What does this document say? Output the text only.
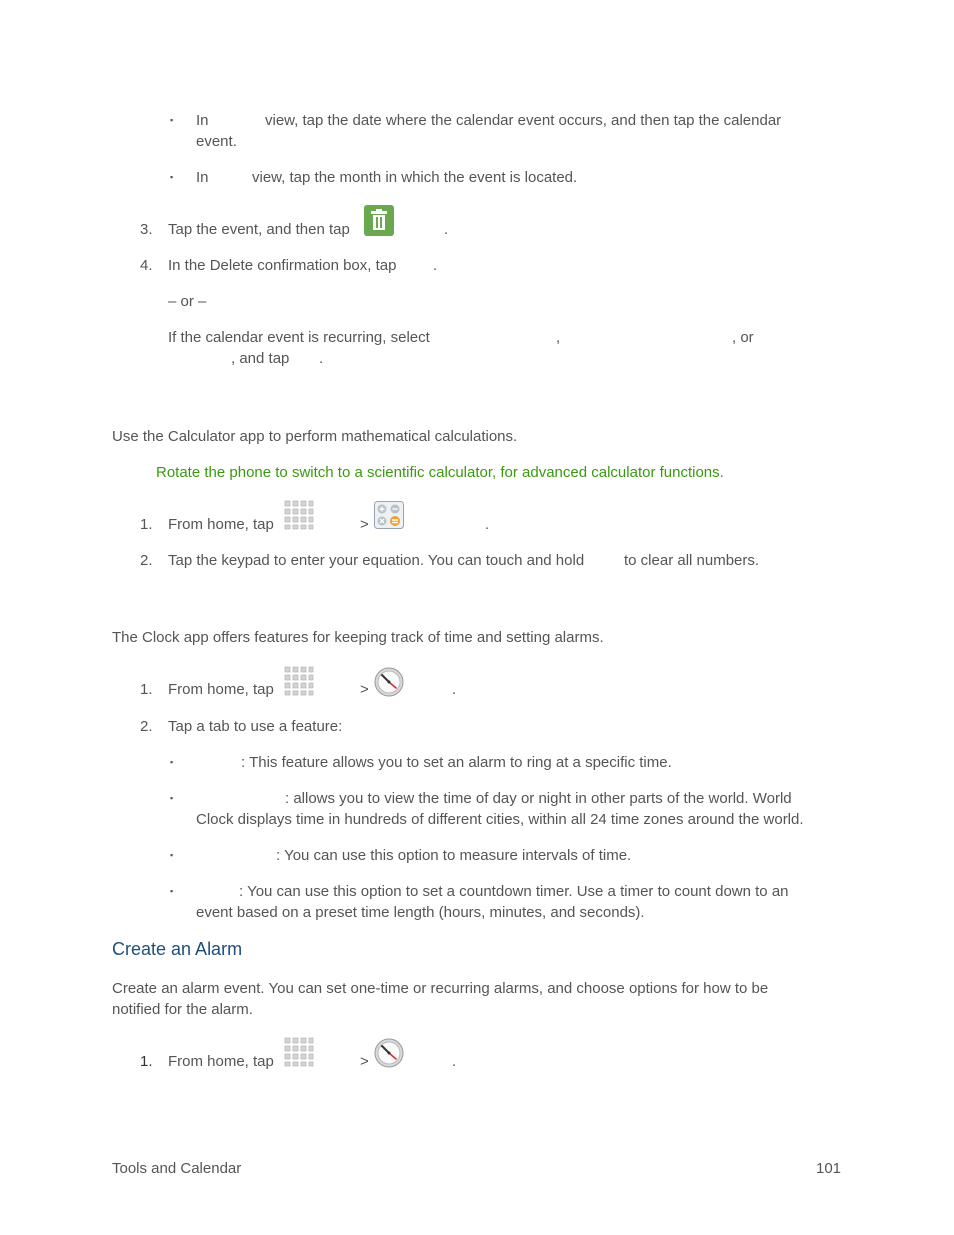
▪ In	view, tap the date where the calendar event occurs, and then tap the calendar
event.
▪ In	view, tap the month in which the event is located.
3. Tap the event, and then tap	.
4. In the Delete confirmation box, tap .
– or –
If the calendar event is recurring, select	,	, or
, and tap .
Use the Calculator app to perform mathematical calculations.
Rotate the phone to switch to a scientific calculator, for advanced calculator functions.
1. From home, tap	>	.
2. Tap the keypad to enter your equation. You can touch and hold	to clear all numbers.
The Clock app offers features for keeping track of time and setting alarms.
1. From home, tap	>	.
2. Tap a tab to use a feature:
▪	: This feature allows you to set an alarm to ring at a specific time.
▪	: allows you to view the time of day or night in other parts of the world. World
Clock displays time in hundreds of different cities, within all 24 time zones around the world.
▪	: You can use this option to measure intervals of time.
▪	: You can use this option to set a countdown timer. Use a timer to count down to an
event based on a preset time length (hours, minutes, and seconds).
Create an Alarm
Create an alarm event. You can set one-time or recurring alarms, and choose options for how to be
notified for the alarm.
1. From home, tap	>	.
Tools and Calendar	101
